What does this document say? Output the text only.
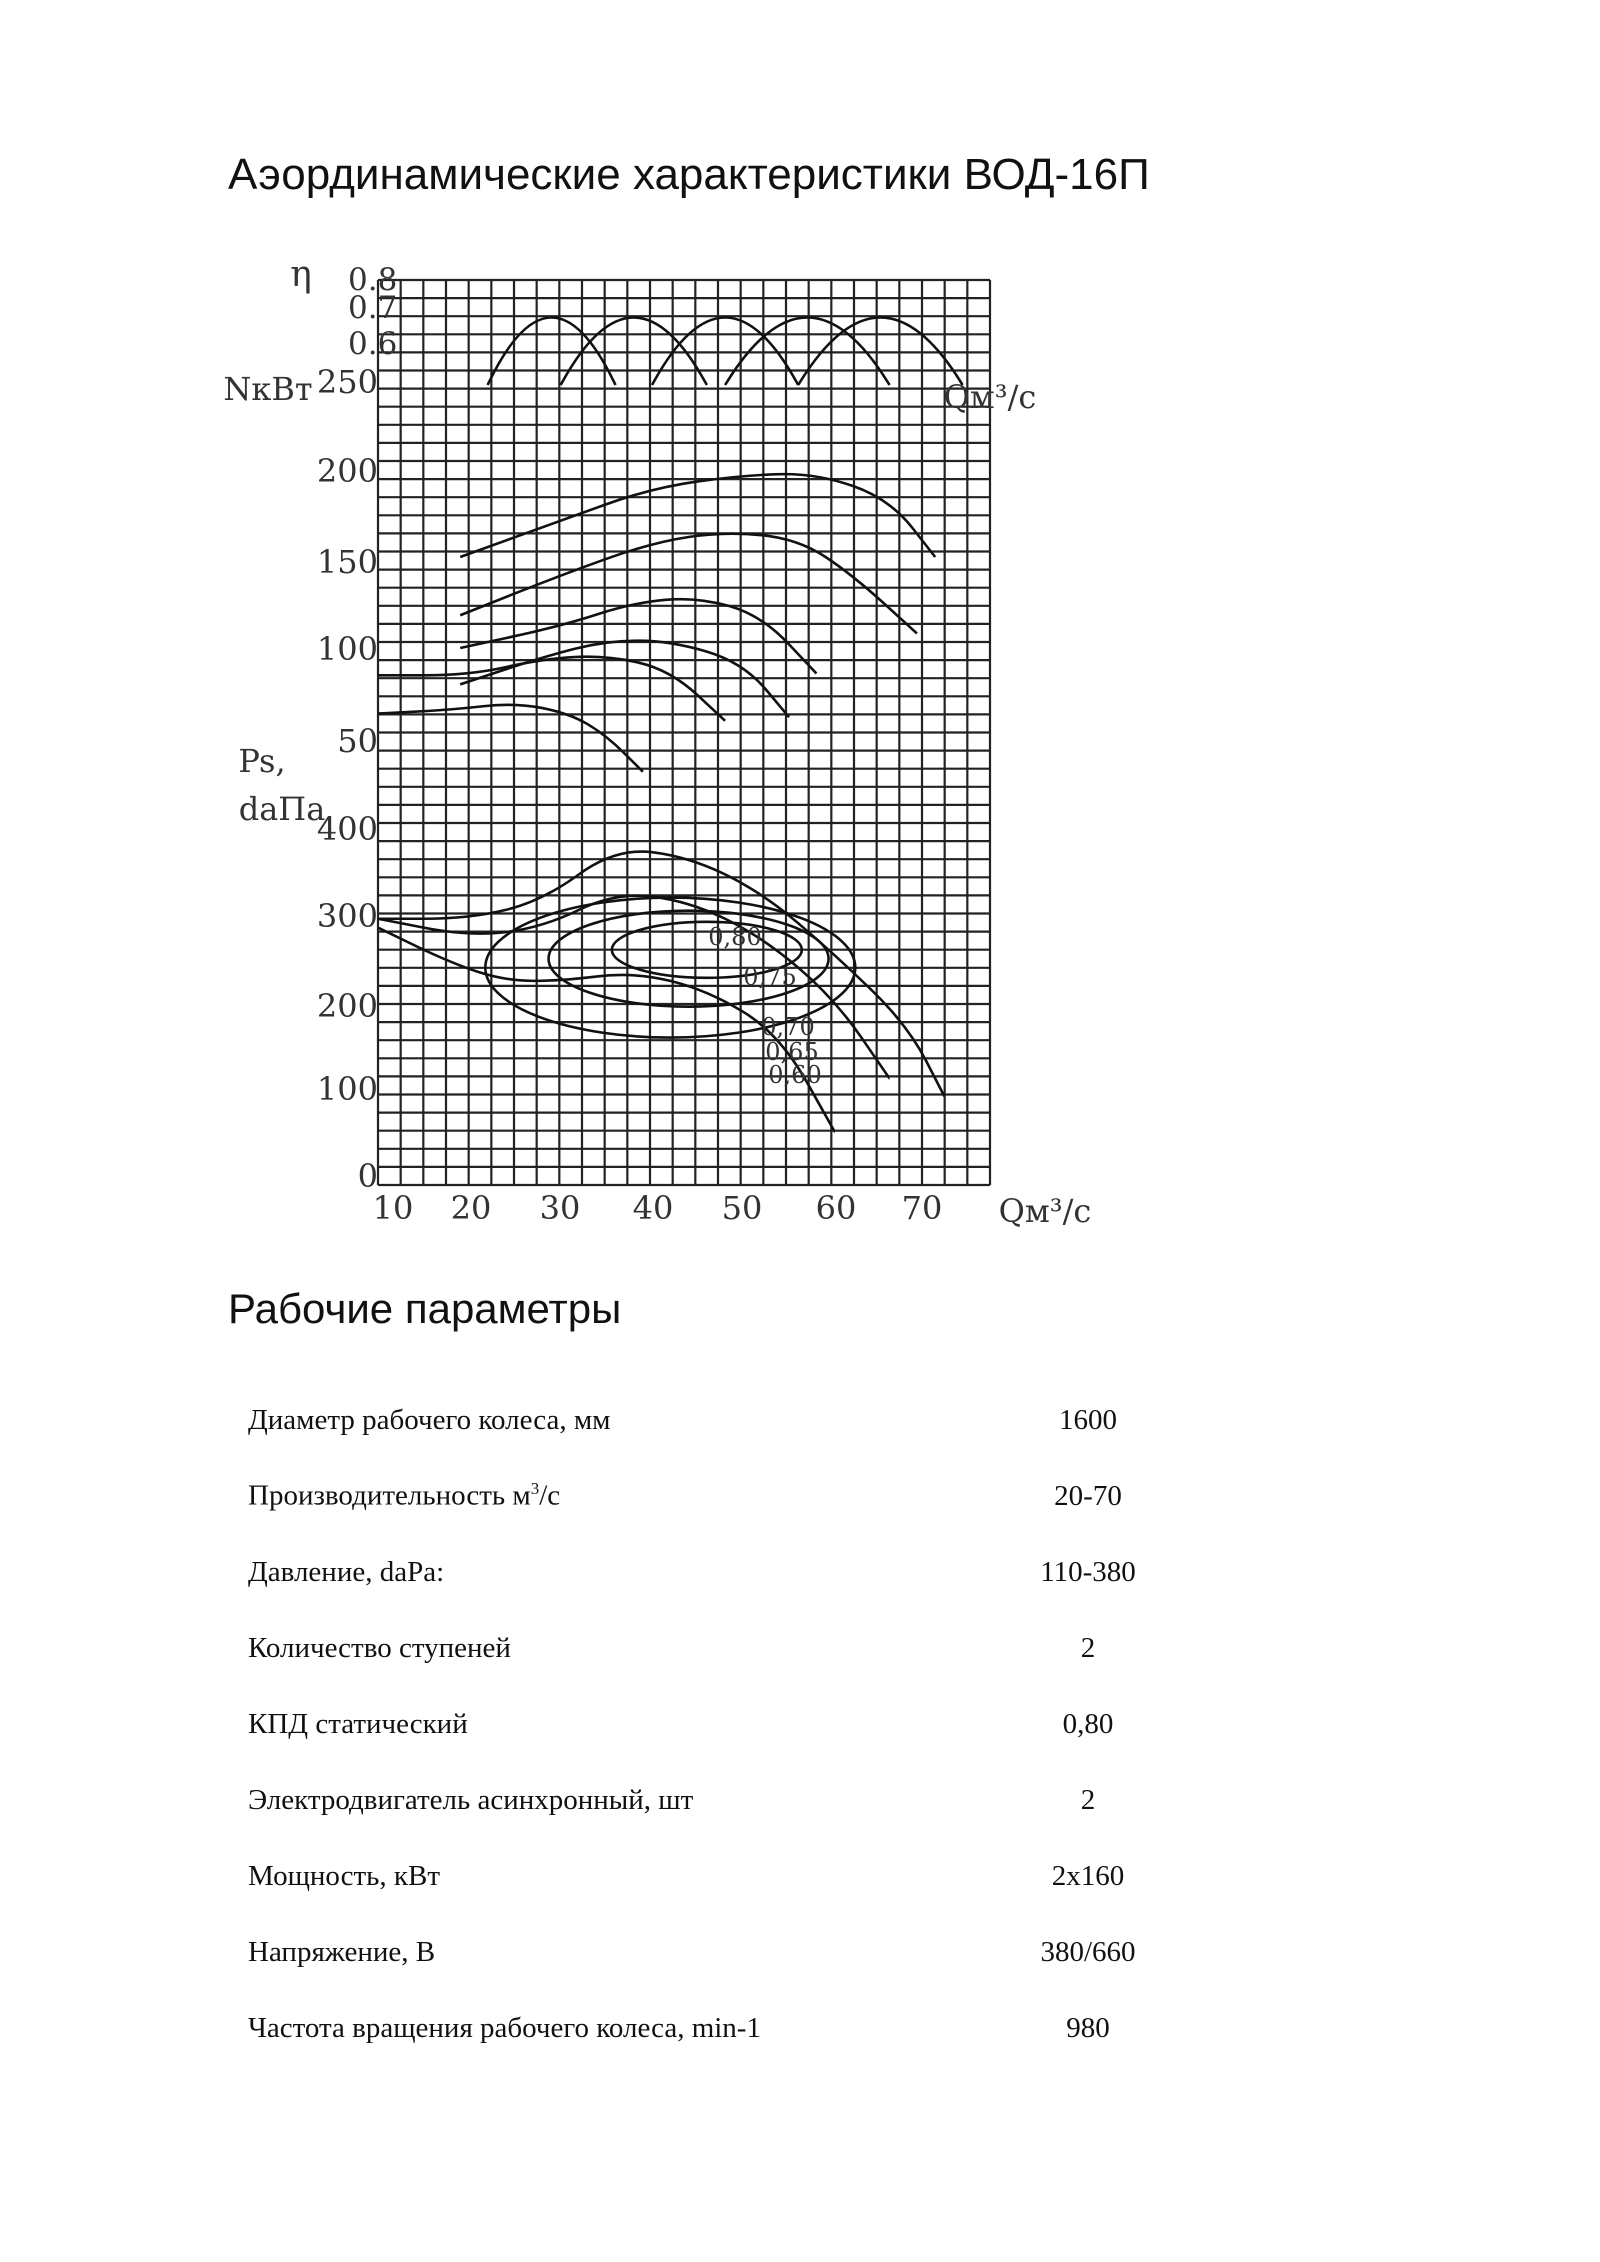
Аэординамические характеристики ВОД-16П
10 20 30 40 50 60 70 Qм³/с
Qм³/с
0.8
0.7
0.6
η
250
200
150
100
50
NкВт
400
300
200
100
0
Ps,
daПа
0,80
0,75
0,70
0,65
0,60
Рабочие параметры
Диаметр рабочего колеса, мм	1600
Производительность $м^3/с$	20-70
Давление, daPa:	110-380
Количество ступеней	2
КПД статический	0,80
Электродвигатель асинхронный, шт	2
Мощность, кВт	2x160
Напряжение, В	380/660
Частота вращения рабочего колеса, min-1	980
